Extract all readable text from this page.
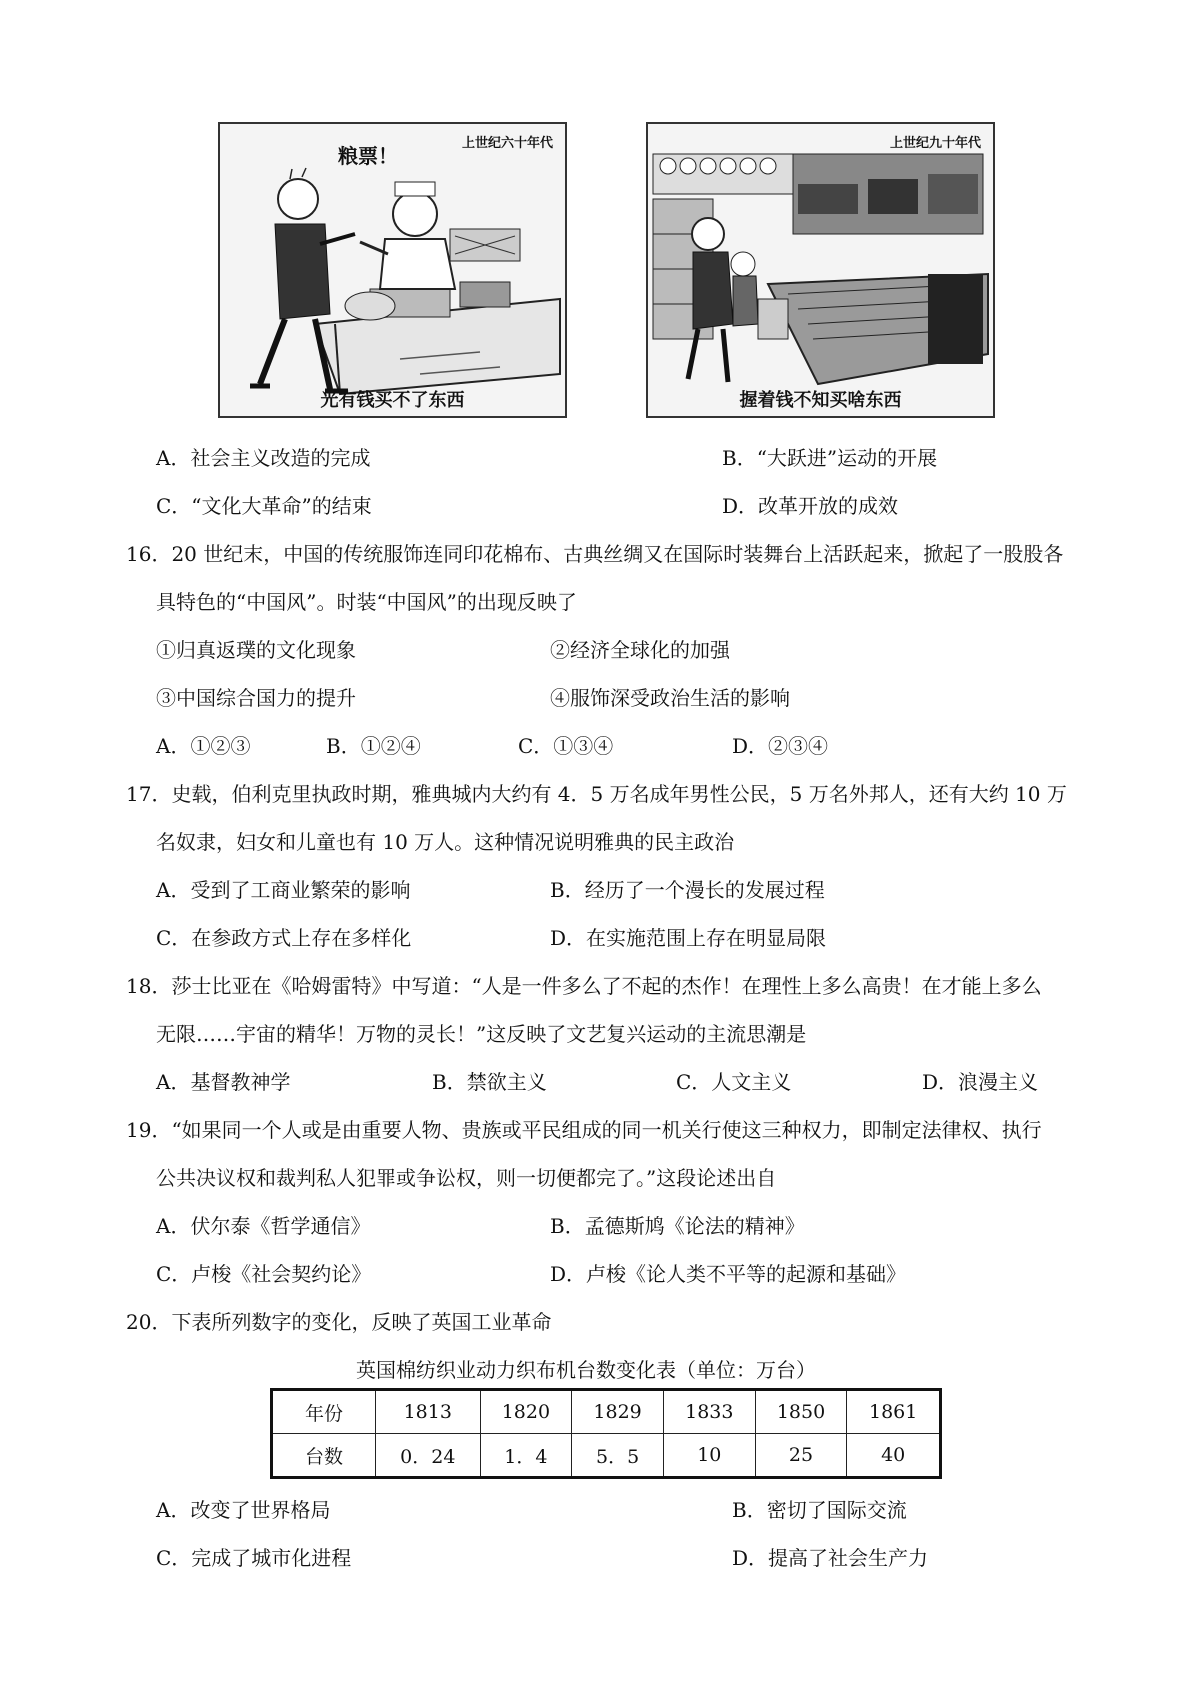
粮票！
上世纪六十年代
光有钱买不了东西
上世纪九十年代
握着钱不知买啥东西
A．社会主义改造的完成	B．“大跃进”运动的开展
C．“文化大革命”的结束	D．改革开放的成效
16．20 世纪末，中国的传统服饰连同印花棉布、古典丝绸又在国际时装舞台上活跃起来，掀起了一股股各
具特色的“中国风”。时装“中国风”的出现反映了
①归真返璞的文化现象	②经济全球化的加强
③中国综合国力的提升	④服饰深受政治生活的影响
A．①②③	B．①②④	C．①③④	D．②③④
17．史载，伯利克里执政时期，雅典城内大约有 4．5 万名成年男性公民，5 万名外邦人，还有大约 10 万
名奴隶，妇女和儿童也有 10 万人。这种情况说明雅典的民主政治
A．受到了工商业繁荣的影响	B．经历了一个漫长的发展过程
C．在参政方式上存在多样化	D．在实施范围上存在明显局限
18．莎士比亚在《哈姆雷特》中写道：“人是一件多么了不起的杰作！在理性上多么高贵！在才能上多么
无限……宇宙的精华！万物的灵长！”这反映了文艺复兴运动的主流思潮是
A．基督教神学	B．禁欲主义	C．人文主义	D．浪漫主义
19．“如果同一个人或是由重要人物、贵族或平民组成的同一机关行使这三种权力，即制定法律权、执行
公共决议权和裁判私人犯罪或争讼权，则一切便都完了。”这段论述出自
A．伏尔泰《哲学通信》	B．孟德斯鸠《论法的精神》
C．卢梭《社会契约论》	D．卢梭《论人类不平等的起源和基础》
20．下表所列数字的变化，反映了英国工业革命
英国棉纺织业动力织布机台数变化表（单位：万台）
年份	1813	1820	1829	1833	1850	1861
台数	0．24	1．4	5．5	10	25	40
A．改变了世界格局	B．密切了国际交流
C．完成了城市化进程	D．提高了社会生产力
